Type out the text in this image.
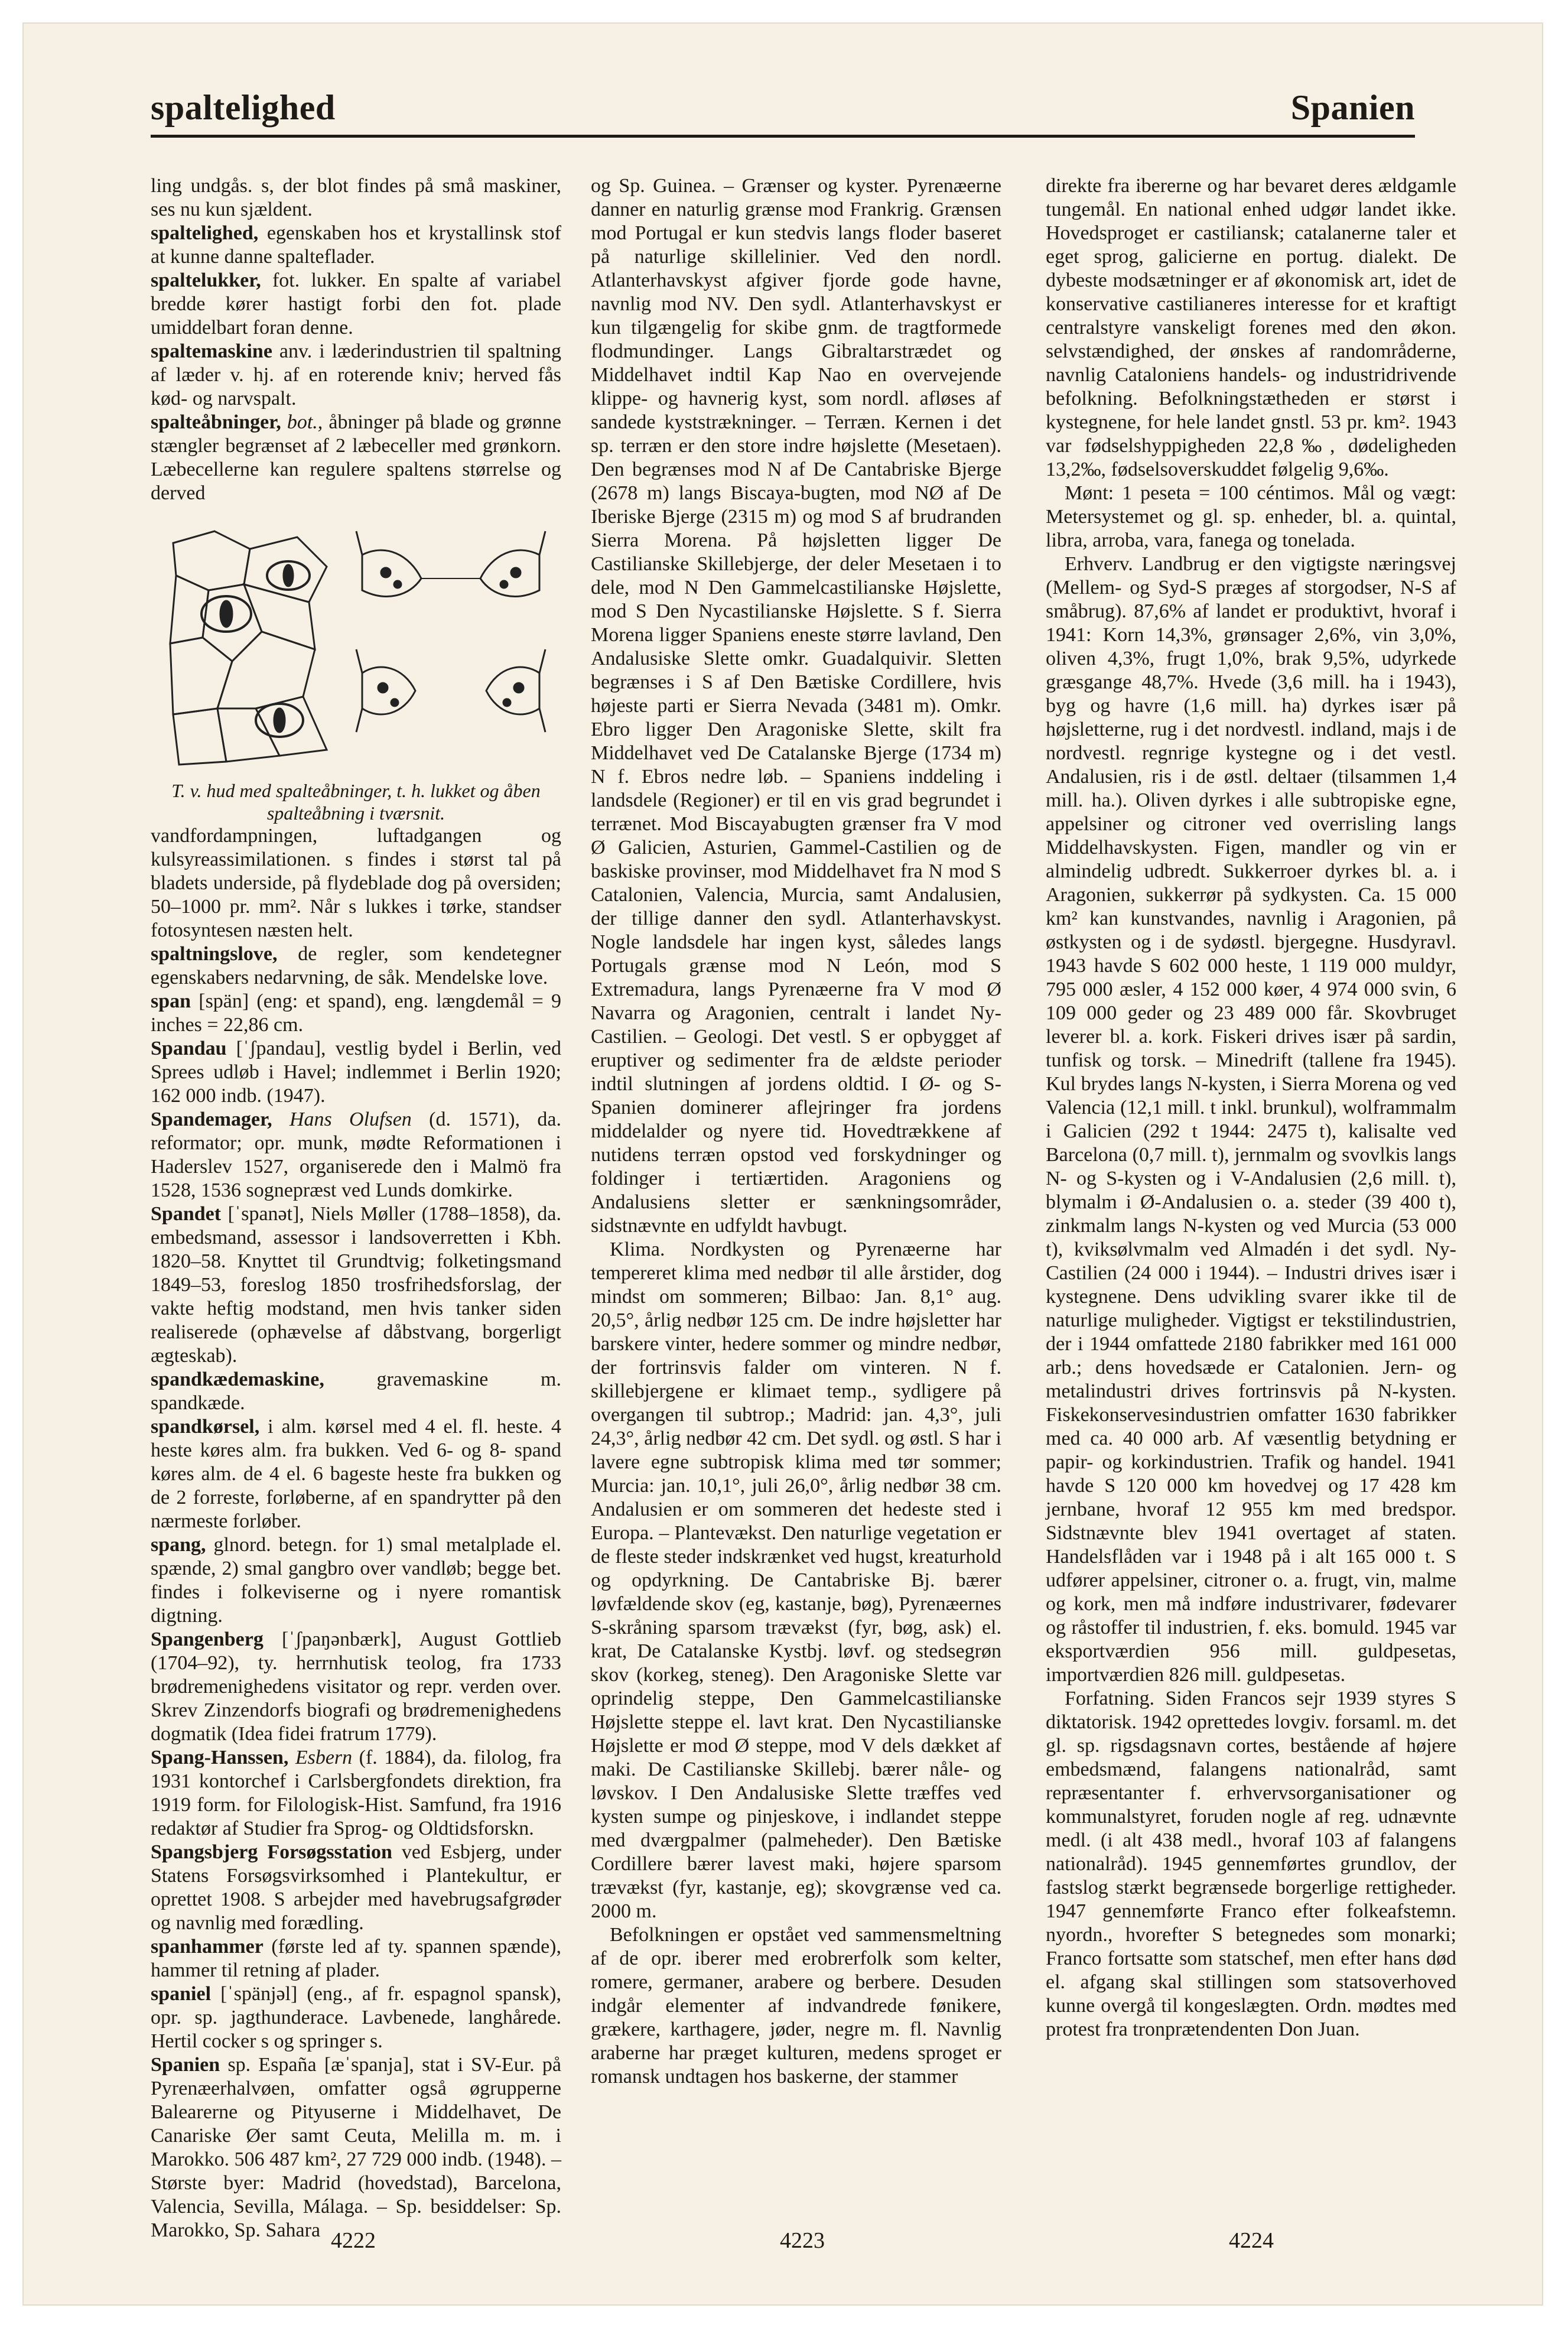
spaltelighed	Spanien

ling undgås. s, der blot findes på små maskiner, ses nu kun sjældent.

spaltelighed, egenskaben hos et krystallinsk stof at kunne danne spalteflader.

spaltelukker, fot. lukker. En spalte af variabel bredde kører hastigt forbi den fot. plade umiddelbart foran denne.

spaltemaskine anv. i læderindustrien til spaltning af læder v. hj. af en roterende kniv; herved fås kød- og narvspalt.

spalteåbninger, bot., åbninger på blade og grønne stængler begrænset af 2 læbeceller med grønkorn. Læbecellerne kan regulere spaltens størrelse og derved

T. v. hud med spalteåbninger, t. h. lukket og åben spalteåbning i tværsnit.

vandfordampningen, luftadgangen og kulsyreassimilationen. s findes i størst tal på bladets underside, på flydeblade dog på oversiden; 50–1000 pr. mm². Når s lukkes i tørke, standser fotosyntesen næsten helt.

spaltningslove, de regler, som kendetegner egenskabers nedarvning, de såk. Mendelske love.

span [spän] (eng: et spand), eng. længdemål = 9 inches = 22,86 cm.

Spandau [ˈʃpandau], vestlig bydel i Berlin, ved Sprees udløb i Havel; indlemmet i Berlin 1920; 162 000 indb. (1947).

Spandemager, Hans Olufsen (d. 1571), da. reformator; opr. munk, mødte Reformationen i Haderslev 1527, organiserede den i Malmö fra 1528, 1536 sognepræst ved Lunds domkirke.

Spandet [ˈspanət], Niels Møller (1788–1858), da. embedsmand, assessor i landsoverretten i Kbh. 1820–58. Knyttet til Grundtvig; folketingsmand 1849–53, foreslog 1850 trosfrihedsforslag, der vakte heftig modstand, men hvis tanker siden realiserede (ophævelse af dåbstvang, borgerligt ægteskab).

spandkædemaskine, gravemaskine m. spandkæde.

spandkørsel, i alm. kørsel med 4 el. fl. heste. 4 heste køres alm. fra bukken. Ved 6- og 8- spand køres alm. de 4 el. 6 bageste heste fra bukken og de 2 forreste, forløberne, af en spandrytter på den nærmeste forløber.

spang, glnord. betegn. for 1) smal metalplade el. spænde, 2) smal gangbro over vandløb; begge bet. findes i folkeviserne og i nyere romantisk digtning.

Spangenberg [ˈʃpaŋənbærk], August Gottlieb (1704–92), ty. herrnhutisk teolog, fra 1733 brødremenighedens visitator og repr. verden over. Skrev Zinzendorfs biografi og brødremenighedens dogmatik (Idea fidei fratrum 1779).

Spang-Hanssen, Esbern (f. 1884), da. filolog, fra 1931 kontorchef i Carlsbergfondets direktion, fra 1919 form. for Filologisk-Hist. Samfund, fra 1916 redaktør af Studier fra Sprog- og Oldtidsforskn.

Spangsbjerg Forsøgsstation ved Esbjerg, under Statens Forsøgsvirksomhed i Plantekultur, er oprettet 1908. S arbejder med havebrugsafgrøder og navnlig med forædling.

spanhammer (første led af ty. spannen spænde), hammer til retning af plader.

spaniel [ˈspänjəl] (eng., af fr. espagnol spansk), opr. sp. jagthunderace. Lavbenede, langhårede. Hertil cocker s og springer s.

Spanien sp. España [æˈspanja], stat i SV-Eur. på Pyrenæerhalvøen, omfatter også øgrupperne Balearerne og Pityuserne i Middelhavet, De Canariske Øer samt Ceuta, Melilla m. m. i Marokko. 506 487 km², 27 729 000 indb. (1948). – Største byer: Madrid (hovedstad), Barcelona, Valencia, Sevilla, Málaga. – Sp. besiddelser: Sp. Marokko, Sp. Sahara

og Sp. Guinea. – Grænser og kyster. Pyrenæerne danner en naturlig grænse mod Frankrig. Grænsen mod Portugal er kun stedvis langs floder baseret på naturlige skillelinier. Ved den nordl. Atlanterhavskyst afgiver fjorde gode havne, navnlig mod NV. Den sydl. Atlanterhavskyst er kun tilgængelig for skibe gnm. de tragtformede flodmundinger. Langs Gibraltarstrædet og Middelhavet indtil Kap Nao en overvejende klippe- og havnerig kyst, som nordl. afløses af sandede kyststrækninger. – Terræn. Kernen i det sp. terræn er den store indre højslette (Mesetaen). Den begrænses mod N af De Cantabriske Bjerge (2678 m) langs Biscaya-bugten, mod NØ af De Iberiske Bjerge (2315 m) og mod S af brudranden Sierra Morena. På højsletten ligger De Castilianske Skillebjerge, der deler Mesetaen i to dele, mod N Den Gammelcastilianske Højslette, mod S Den Nycastilianske Højslette. S f. Sierra Morena ligger Spaniens eneste større lavland, Den Andalusiske Slette omkr. Guadalquivir. Sletten begrænses i S af Den Bætiske Cordillere, hvis højeste parti er Sierra Nevada (3481 m). Omkr. Ebro ligger Den Aragoniske Slette, skilt fra Middelhavet ved De Catalanske Bjerge (1734 m) N f. Ebros nedre løb. – Spaniens inddeling i landsdele (Regioner) er til en vis grad begrundet i terrænet. Mod Biscayabugten grænser fra V mod Ø Galicien, Asturien, Gammel-Castilien og de baskiske provinser, mod Middelhavet fra N mod S Catalonien, Valencia, Murcia, samt Andalusien, der tillige danner den sydl. Atlanterhavskyst. Nogle landsdele har ingen kyst, således langs Portugals grænse mod N León, mod S Extremadura, langs Pyrenæerne fra V mod Ø Navarra og Aragonien, centralt i landet Ny-Castilien. – Geologi. Det vestl. S er opbygget af eruptiver og sedimenter fra de ældste perioder indtil slutningen af jordens oldtid. I Ø- og S-Spanien dominerer aflejringer fra jordens middelalder og nyere tid. Hovedtrækkene af nutidens terræn opstod ved forskydninger og foldinger i tertiærtiden. Aragoniens og Andalusiens sletter er sænkningsområder, sidstnævnte en udfyldt havbugt.

Klima. Nordkysten og Pyrenæerne har tempereret klima med nedbør til alle årstider, dog mindst om sommeren; Bilbao: Jan. 8,1° aug. 20,5°, årlig nedbør 125 cm. De indre højsletter har barskere vinter, hedere sommer og mindre nedbør, der fortrinsvis falder om vinteren. N f. skillebjergene er klimaet temp., sydligere på overgangen til subtrop.; Madrid: jan. 4,3°, juli 24,3°, årlig nedbør 42 cm. Det sydl. og østl. S har i lavere egne subtropisk klima med tør sommer; Murcia: jan. 10,1°, juli 26,0°, årlig nedbør 38 cm. Andalusien er om sommeren det hedeste sted i Europa. – Plantevækst. Den naturlige vegetation er de fleste steder indskrænket ved hugst, kreaturhold og opdyrkning. De Cantabriske Bj. bærer løvfældende skov (eg, kastanje, bøg), Pyrenæernes S-skråning sparsom trævækst (fyr, bøg, ask) el. krat, De Catalanske Kystbj. løvf. og stedsegrøn skov (korkeg, steneg). Den Aragoniske Slette var oprindelig steppe, Den Gammelcastilianske Højslette steppe el. lavt krat. Den Nycastilianske Højslette er mod Ø steppe, mod V dels dækket af maki. De Castilianske Skillebj. bærer nåle- og løvskov. I Den Andalusiske Slette træffes ved kysten sumpe og pinjeskove, i indlandet steppe med dværgpalmer (palmeheder). Den Bætiske Cordillere bærer lavest maki, højere sparsom trævækst (fyr, kastanje, eg); skovgrænse ved ca. 2000 m.

Befolkningen er opstået ved sammensmeltning af de opr. iberer med erobrerfolk som kelter, romere, germaner, arabere og berbere. Desuden indgår elementer af indvandrede fønikere, grækere, karthagere, jøder, negre m. fl. Navnlig araberne har præget kulturen, medens sproget er romansk undtagen hos baskerne, der stammer

direkte fra ibererne og har bevaret deres ældgamle tungemål. En national enhed udgør landet ikke. Hovedsproget er castiliansk; catalanerne taler et eget sprog, galicierne en portug. dialekt. De dybeste modsætninger er af økonomisk art, idet de konservative castilianeres interesse for et kraftigt centralstyre vanskeligt forenes med den økon. selvstændighed, der ønskes af randområderne, navnlig Cataloniens handels- og industridrivende befolkning. Befolkningstætheden er størst i kystegnene, for hele landet gnstl. 53 pr. km². 1943 var fødselshyppigheden 22,8‰, dødeligheden 13,2‰, fødselsoverskuddet følgelig 9,6‰.

Mønt: 1 peseta = 100 céntimos. Mål og vægt: Metersystemet og gl. sp. enheder, bl. a. quintal, libra, arroba, vara, fanega og tonelada.

Erhverv. Landbrug er den vigtigste næringsvej (Mellem- og Syd-S præges af storgodser, N-S af småbrug). 87,6% af landet er produktivt, hvoraf i 1941: Korn 14,3%, grønsager 2,6%, vin 3,0%, oliven 4,3%, frugt 1,0%, brak 9,5%, udyrkede græsgange 48,7%. Hvede (3,6 mill. ha i 1943), byg og havre (1,6 mill. ha) dyrkes især på højsletterne, rug i det nordvestl. indland, majs i de nordvestl. regnrige kystegne og i det vestl. Andalusien, ris i de østl. deltaer (tilsammen 1,4 mill. ha.). Oliven dyrkes i alle subtropiske egne, appelsiner og citroner ved overrisling langs Middelhavskysten. Figen, mandler og vin er almindelig udbredt. Sukkerroer dyrkes bl. a. i Aragonien, sukkerrør på sydkysten. Ca. 15 000 km² kan kunstvandes, navnlig i Aragonien, på østkysten og i de sydøstl. bjergegne. Husdyravl. 1943 havde S 602 000 heste, 1 119 000 muldyr, 795 000 æsler, 4 152 000 køer, 4 974 000 svin, 6 109 000 geder og 23 489 000 får. Skovbruget leverer bl. a. kork. Fiskeri drives især på sardin, tunfisk og torsk. – Minedrift (tallene fra 1945). Kul brydes langs N-kysten, i Sierra Morena og ved Valencia (12,1 mill. t inkl. brunkul), wolframmalm i Galicien (292 t 1944: 2475 t), kalisalte ved Barcelona (0,7 mill. t), jernmalm og svovlkis langs N- og S-kysten og i V-Andalusien (2,6 mill. t), blymalm i Ø-Andalusien o. a. steder (39 400 t), zinkmalm langs N-kysten og ved Murcia (53 000 t), kviksølvmalm ved Almadén i det sydl. Ny-Castilien (24 000 i 1944). – Industri drives især i kystegnene. Dens udvikling svarer ikke til de naturlige muligheder. Vigtigst er tekstilindustrien, der i 1944 omfattede 2180 fabrikker med 161 000 arb.; dens hovedsæde er Catalonien. Jern- og metalindustri drives fortrinsvis på N-kysten. Fiskekonservesindustrien omfatter 1630 fabrikker med ca. 40 000 arb. Af væsentlig betydning er papir- og korkindustrien. Trafik og handel. 1941 havde S 120 000 km hovedvej og 17 428 km jernbane, hvoraf 12 955 km med bredspor. Sidstnævnte blev 1941 overtaget af staten. Handelsflåden var i 1948 på i alt 165 000 t. S udfører appelsiner, citroner o. a. frugt, vin, malme og kork, men må indføre industrivarer, fødevarer og råstoffer til industrien, f. eks. bomuld. 1945 var eksportværdien 956 mill. guldpesetas, importværdien 826 mill. guldpesetas.

Forfatning. Siden Francos sejr 1939 styres S diktatorisk. 1942 oprettedes lovgiv. forsaml. m. det gl. sp. rigsdagsnavn cortes, bestående af højere embedsmænd, falangens nationalråd, samt repræsentanter f. erhvervsorganisationer og kommunalstyret, foruden nogle af reg. udnævnte medl. (i alt 438 medl., hvoraf 103 af falangens nationalråd). 1945 gennemførtes grundlov, der fastslog stærkt begrænsede borgerlige rettigheder. 1947 gennemførte Franco efter folkeafstemn. nyordn., hvorefter S betegnedes som monarki; Franco fortsatte som statschef, men efter hans død el. afgang skal stillingen som statsoverhoved kunne overgå til kongeslægten. Ordn. mødtes med protest fra tronprætendenten Don Juan.

4222	4223	4224
